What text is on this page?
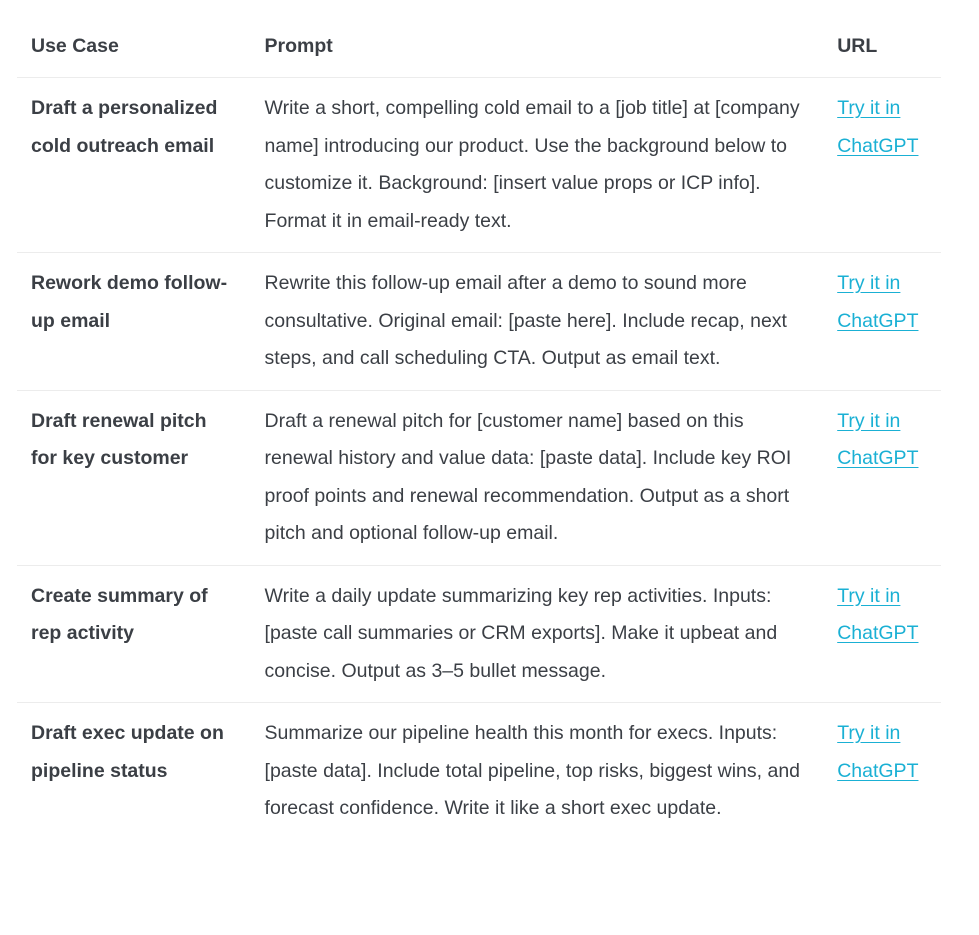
Use Case	Prompt	URL
Draft a personalized cold outreach email	Write a short, compelling cold email to a [job title] at [company name] introducing our product. Use the background below to customize it. Background: [insert value props or ICP info]. Format it in email-ready text.	Try it in ChatGPT
Rework demo follow-up email	Rewrite this follow-up email after a demo to sound more consultative. Original email: [paste here]. Include recap, next steps, and call scheduling CTA. Output as email text.	Try it in ChatGPT
Draft renewal pitch for key customer	Draft a renewal pitch for [customer name] based on this renewal history and value data: [paste data]. Include key ROI proof points and renewal recommendation. Output as a short pitch and optional follow-up email.	Try it in ChatGPT
Create summary of rep activity	Write a daily update summarizing key rep activities. Inputs: [paste call summaries or CRM exports]. Make it upbeat and concise. Output as 3–5 bullet message.	Try it in ChatGPT
Draft exec update on pipeline status	Summarize our pipeline health this month for execs. Inputs: [paste data]. Include total pipeline, top risks, biggest wins, and forecast confidence. Write it like a short exec update.	Try it in ChatGPT
